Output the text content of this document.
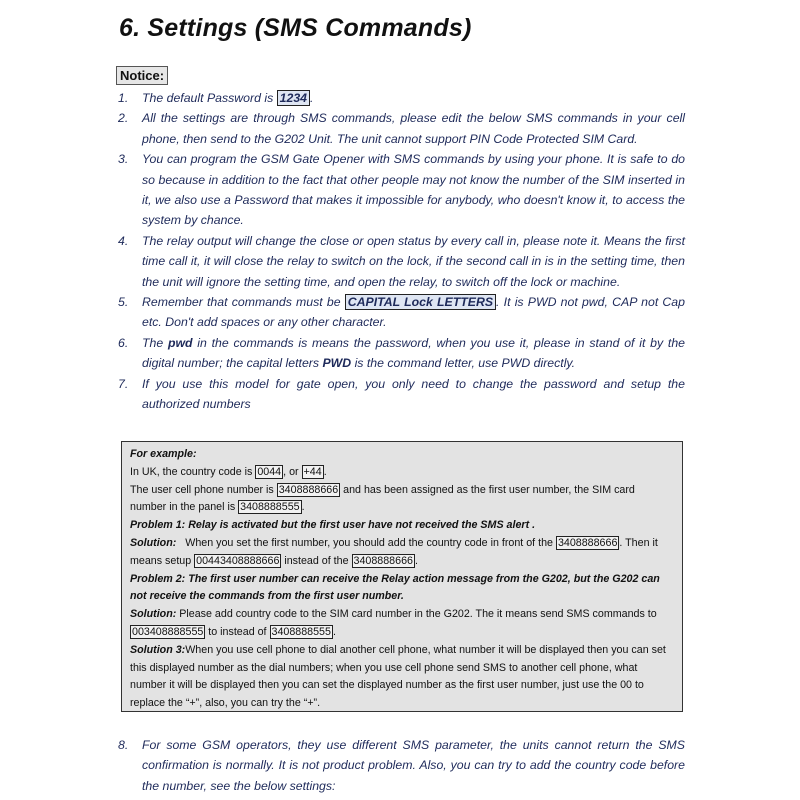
6. Settings (SMS Commands)
Notice:
1. The default Password is 1234 .
2. All the settings are through SMS commands, please edit the below SMS commands in your cell phone, then send to the G202 Unit. The unit cannot support PIN Code Protected SIM Card.
3. You can program the GSM Gate Opener with SMS commands by using your phone. It is safe to do so because in addition to the fact that other people may not know the number of the SIM inserted in it, we also use a Password that makes it impossible for anybody, who doesn't know it, to access the system by chance.
4. The relay output will change the close or open status by every call in, please note it. Means the first time call it, it will close the relay to switch on the lock, if the second call in is in the setting time, then the unit will ignore the setting time, and open the relay, to switch off the lock or machine.
5. Remember that commands must be CAPITAL Lock LETTERS . It is PWD not pwd, CAP not Cap etc. Don't add spaces or any other character.
6. The pwd in the commands is means the password, when you use it, please in stand of it by the digital number; the capital letters PWD is the command letter, use PWD directly.
7. If you use this model for gate open, you only need to change the password and setup the authorized numbers
For example:
In UK, the country code is 0044 , or +44 .
The user cell phone number is 3408888666 and has been assigned as the first user number, the SIM card number in the panel is 3408888555 .
Problem 1: Relay is activated but the first user have not received the SMS alert .
Solution: When you set the first number, you should add the country code in front of the 3408888666 . Then it means setup 00443408888666 instead of the 3408888666 .
Problem 2: The first user number can receive the Relay action message from the G202, but the G202 can not receive the commands from the first user number.
Solution: Please add country code to the SIM card number in the G202. The it means send SMS commands to 003408888555 to instead of 3408888555 .
Solution 3:When you use cell phone to dial another cell phone, what number it will be displayed then you can set this displayed number as the dial numbers; when you use cell phone send SMS to another cell phone, what number it will be displayed then you can set the displayed number as the first user number, just use the 00 to replace the “+”, also, you can try the “+”.
8. For some GSM operators, they use different SMS parameter, the units cannot return the SMS confirmation is normally. It is not product problem. Also, you can try to add the country code before the number, see the below settings:
